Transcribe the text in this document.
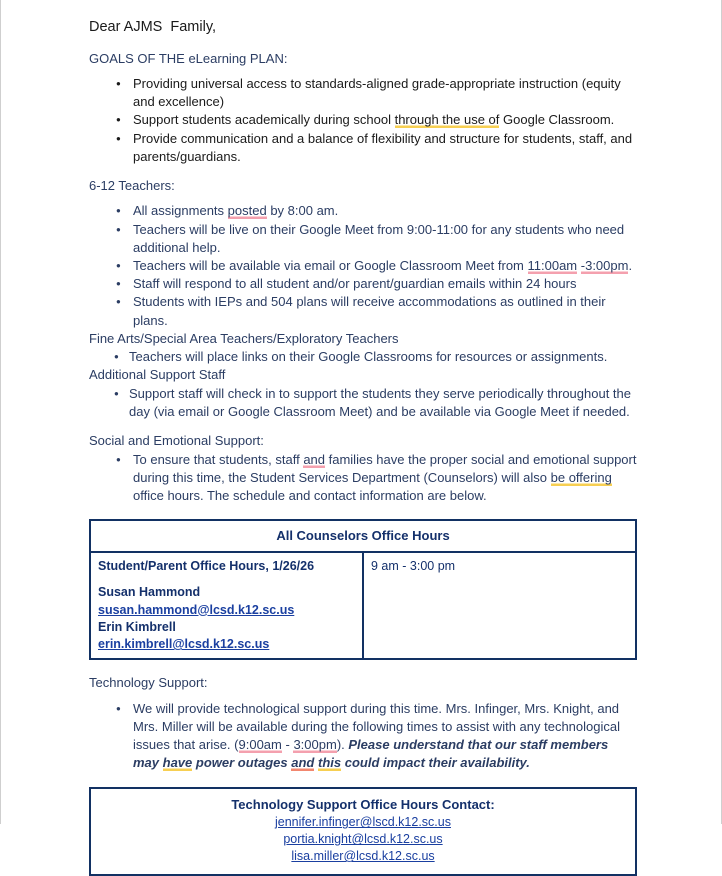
Dear AJMS  Family,
GOALS OF THE eLearning PLAN:
● Providing universal access to standards-aligned grade-appropriate instruction (equity and excellence)
● Support students academically during school through the use of Google Classroom.
● Provide communication and a balance of flexibility and structure for students, staff, and parents/guardians.
6-12 Teachers:
● All assignments posted by 8:00 am.
● Teachers will be live on their Google Meet from 9:00-11:00 for any students who need additional help.
● Teachers will be available via email or Google Classroom Meet from 11:00am -3:00pm.
● Staff will respond to all student and/or parent/guardian emails within 24 hours
● Students with IEPs and 504 plans will receive accommodations as outlined in their plans.
Fine Arts/Special Area Teachers/Exploratory Teachers
● Teachers will place links on their Google Classrooms for resources or assignments.
Additional Support Staff
● Support staff will check in to support the students they serve periodically throughout the day (via email or Google Classroom Meet) and be available via Google Meet if needed.
Social and Emotional Support:
● To ensure that students, staff and families have the proper social and emotional support during this time, the Student Services Department (Counselors) will also be offering office hours. The schedule and contact information are below.
All Counselors Office Hours

Student/Parent Office Hours, 1/26/26
Susan Hammond
susan.hammond@lcsd.k12.sc.us
Erin Kimbrell
erin.kimbrell@lcsd.k12.sc.us
	9 am - 3:00 pm
Technology Support:
● We will provide technological support during this time. Mrs. Infinger, Mrs. Knight, and Mrs. Miller will be available during the following times to assist with any technological issues that arise. (9:00am - 3:00pm). Please understand that our staff members may have power outages and this could impact their availability.
Technology Support Office Hours Contact:
jennifer.infinger@lscd.k12.sc.us
portia.knight@lcsd.k12.sc.us
lisa.miller@lcsd.k12.sc.us
